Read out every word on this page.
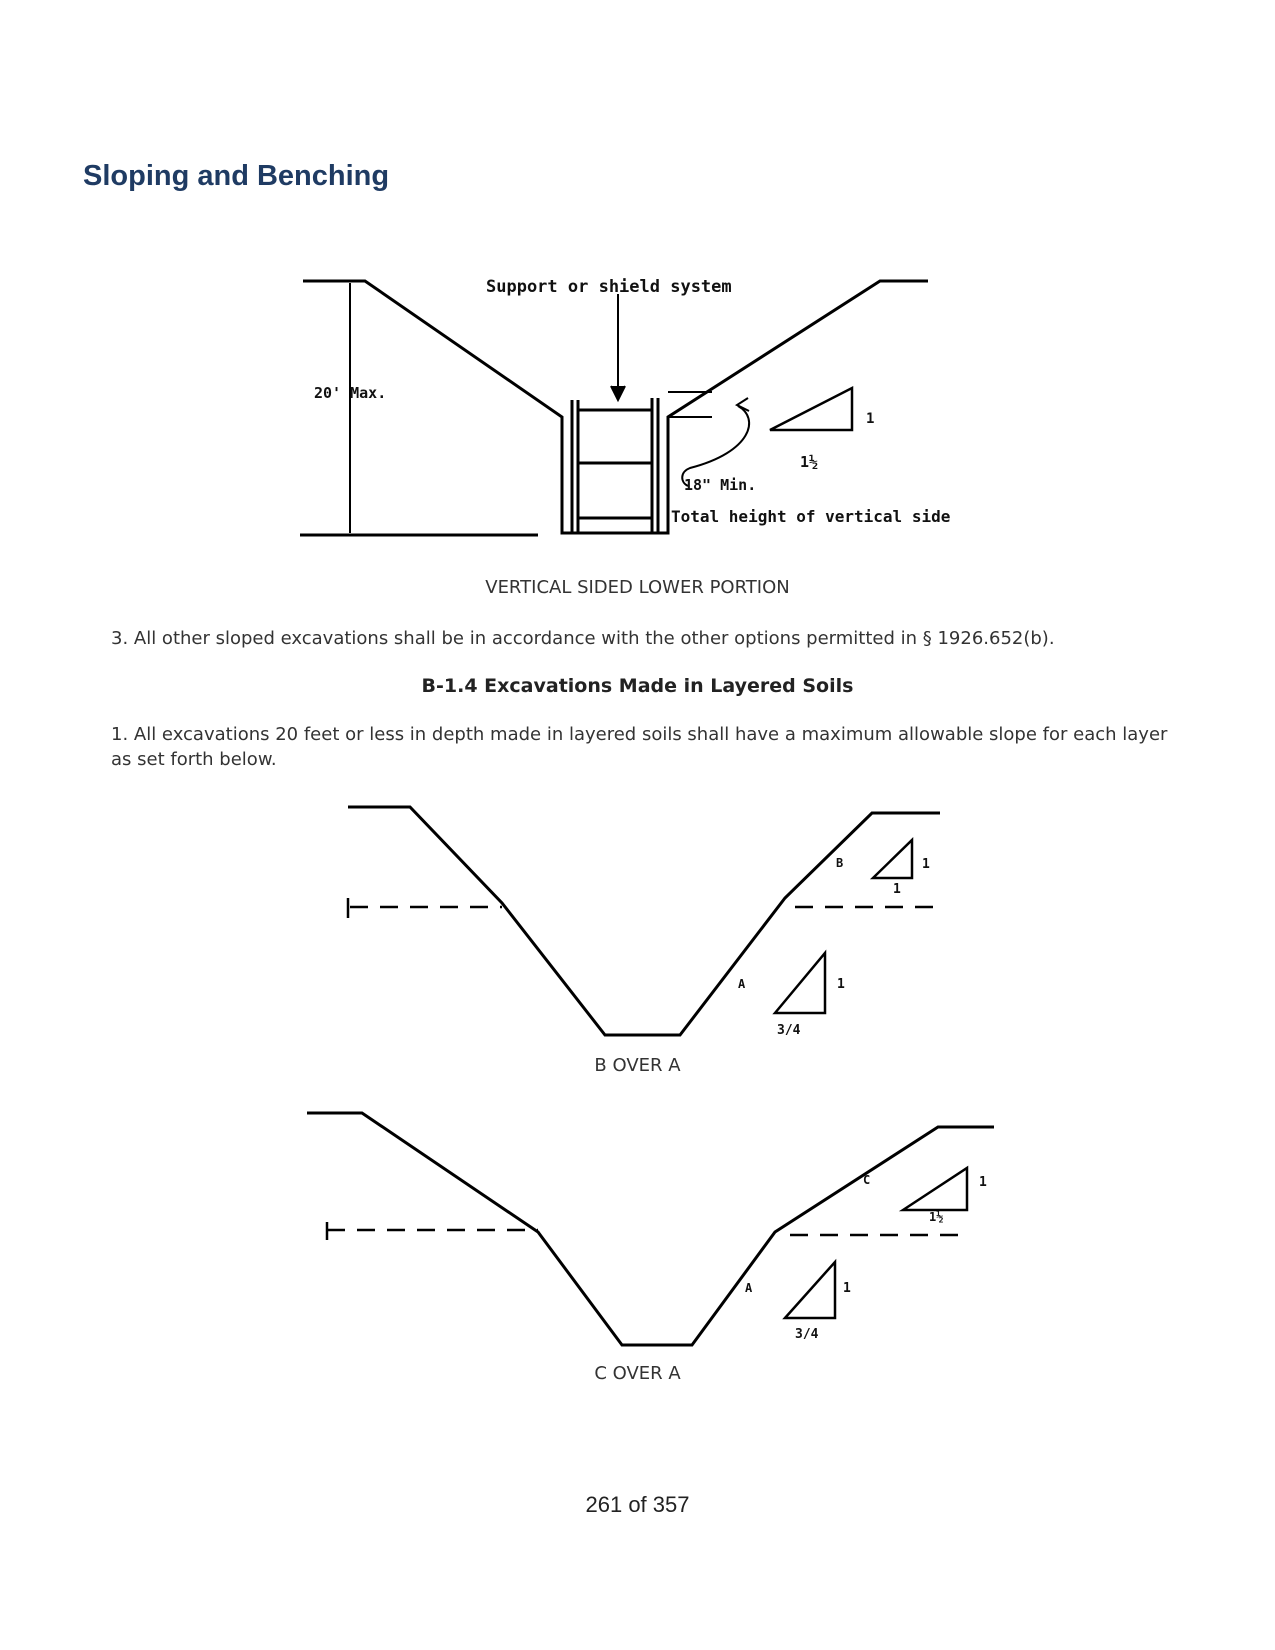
Sloping and Benching
Support or shield system
20' Max.
18" Min.
Total height of vertical side
1
1½
B	1
1
A	1
3/4
C	1
1½
A	1
3/4
VERTICAL SIDED LOWER PORTION

3. All other sloped excavations shall be in accordance with the other options permitted in § 1926.652(b).

B-1.4 Excavations Made in Layered Soils

1. All excavations 20 feet or less in depth made in layered soils shall have a maximum allowable slope for each layer as set forth below.

B OVER A
C OVER A
261 of 357
